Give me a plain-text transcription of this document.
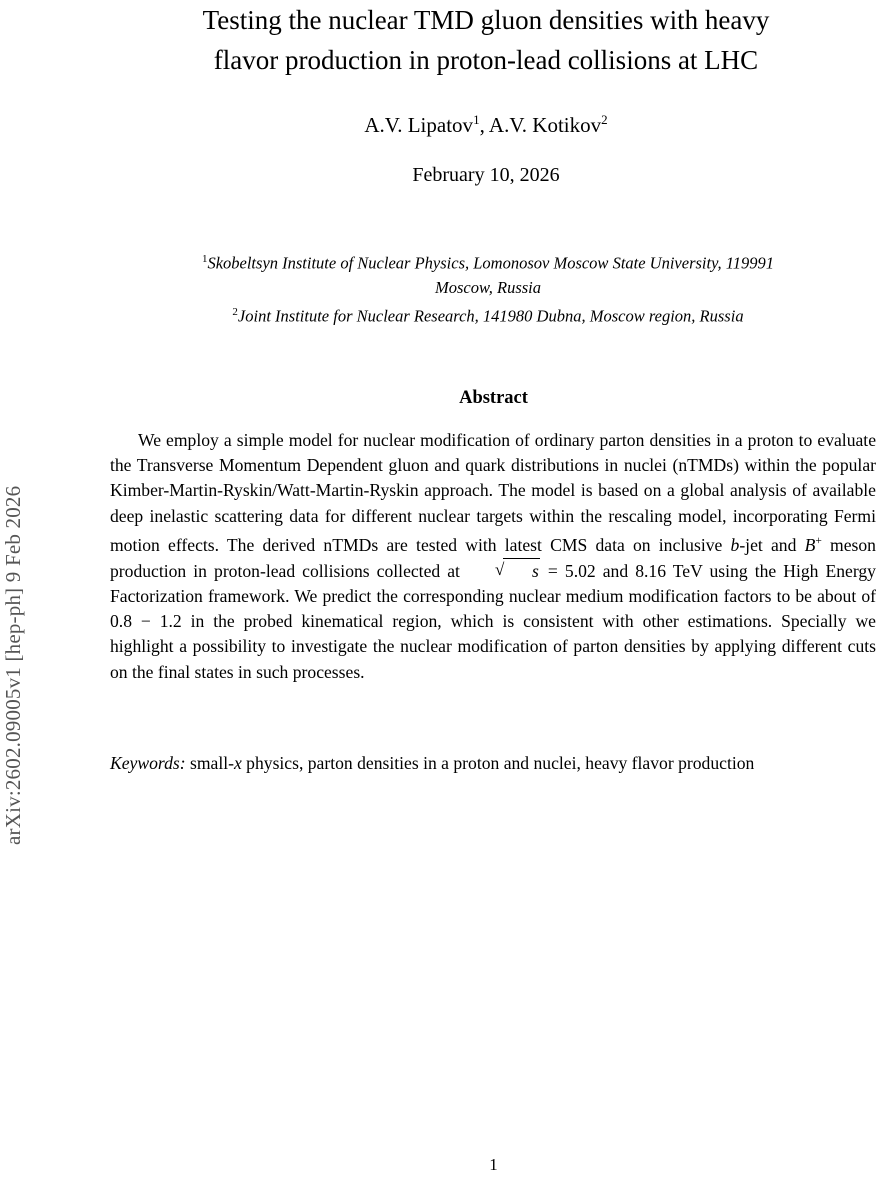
arXiv:2602.09005v1 [hep-ph] 9 Feb 2026
Testing the nuclear TMD gluon densities with heavy
flavor production in proton-lead collisions at LHC
A.V. Lipatov$^1$, A.V. Kotikov$^2$
February 10, 2026
$^1$Skobeltsyn Institute of Nuclear Physics, Lomonosov Moscow State University, 119991
Moscow, Russia
$^2$Joint Institute for Nuclear Research, 141980 Dubna, Moscow region, Russia
Abstract
We employ a simple model for nuclear modification of ordinary parton densities in a proton to evaluate the Transverse Momentum Dependent gluon and quark distributions in nuclei (nTMDs) within the popular Kimber-Martin-Ryskin/Watt-Martin-Ryskin approach. The model is based on a global analysis of available deep inelastic scattering data for different nuclear targets within the rescaling model, incorporating Fermi motion effects. The derived nTMDs are tested with latest CMS data on inclusive b-jet and B+ meson production in proton-lead collisions collected at	√ s = 5.02 and 8.16 TeV using the High Energy Factorization framework. We predict the corresponding nuclear medium modification factors to be about of 0.8 − 1.2 in the probed kinematical region, which is consistent with other estimations. Specially we highlight a possibility to investigate the nuclear modification of parton densities by applying different cuts on the final states in such processes.
Keywords: small-x physics, parton densities in a proton and nuclei, heavy flavor production
1
